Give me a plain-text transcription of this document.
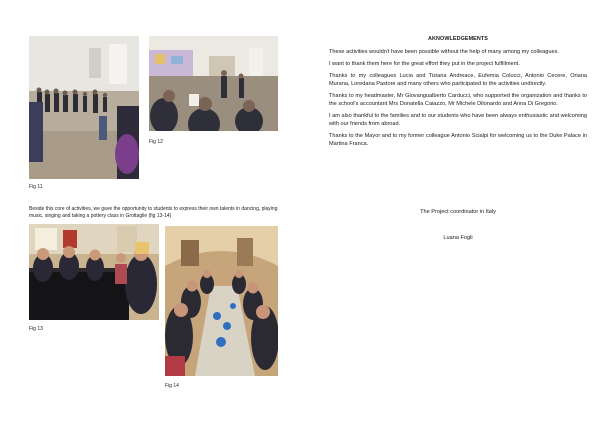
Fig 11
Fig 12
Beside this core of activities, we gave the opportunity to students to express their own talents in dancing, playing music, singing and taking a pottery class in Grottaglie (fig 13-14)
Fig 13
Fig 14
AKNOWLEDGEMENTS

These activities wouldn't have been possible without the help of many among my colleagues.

I want to thank them here for the great effort they put in the project fulfillment.

Thanks to my colleagues Lucia and Tiziana Andreace, Eufemia Colucci, Antonio Cecere, Oriana Murana, Loredana Pastore and many others who participated to the activities undirectly.

Thanks to my headmaster, Mr Giovangualberto Carducci, who supported the organization and thanks to the school's accountant Mrs Donatella Caiazzo, Mr Michele Dilonardo and Anna Di Gregorio.

I am also thankful to the families and to our students who have been always enthusiastic and welcoming with our friends from abroad.

Thanks to the Mayor and to my former colleague Antonio Scialpi for welcoming us to the Duke Palace in Martina Franca.

The Project coordinator in Italy
Luana Fogli
